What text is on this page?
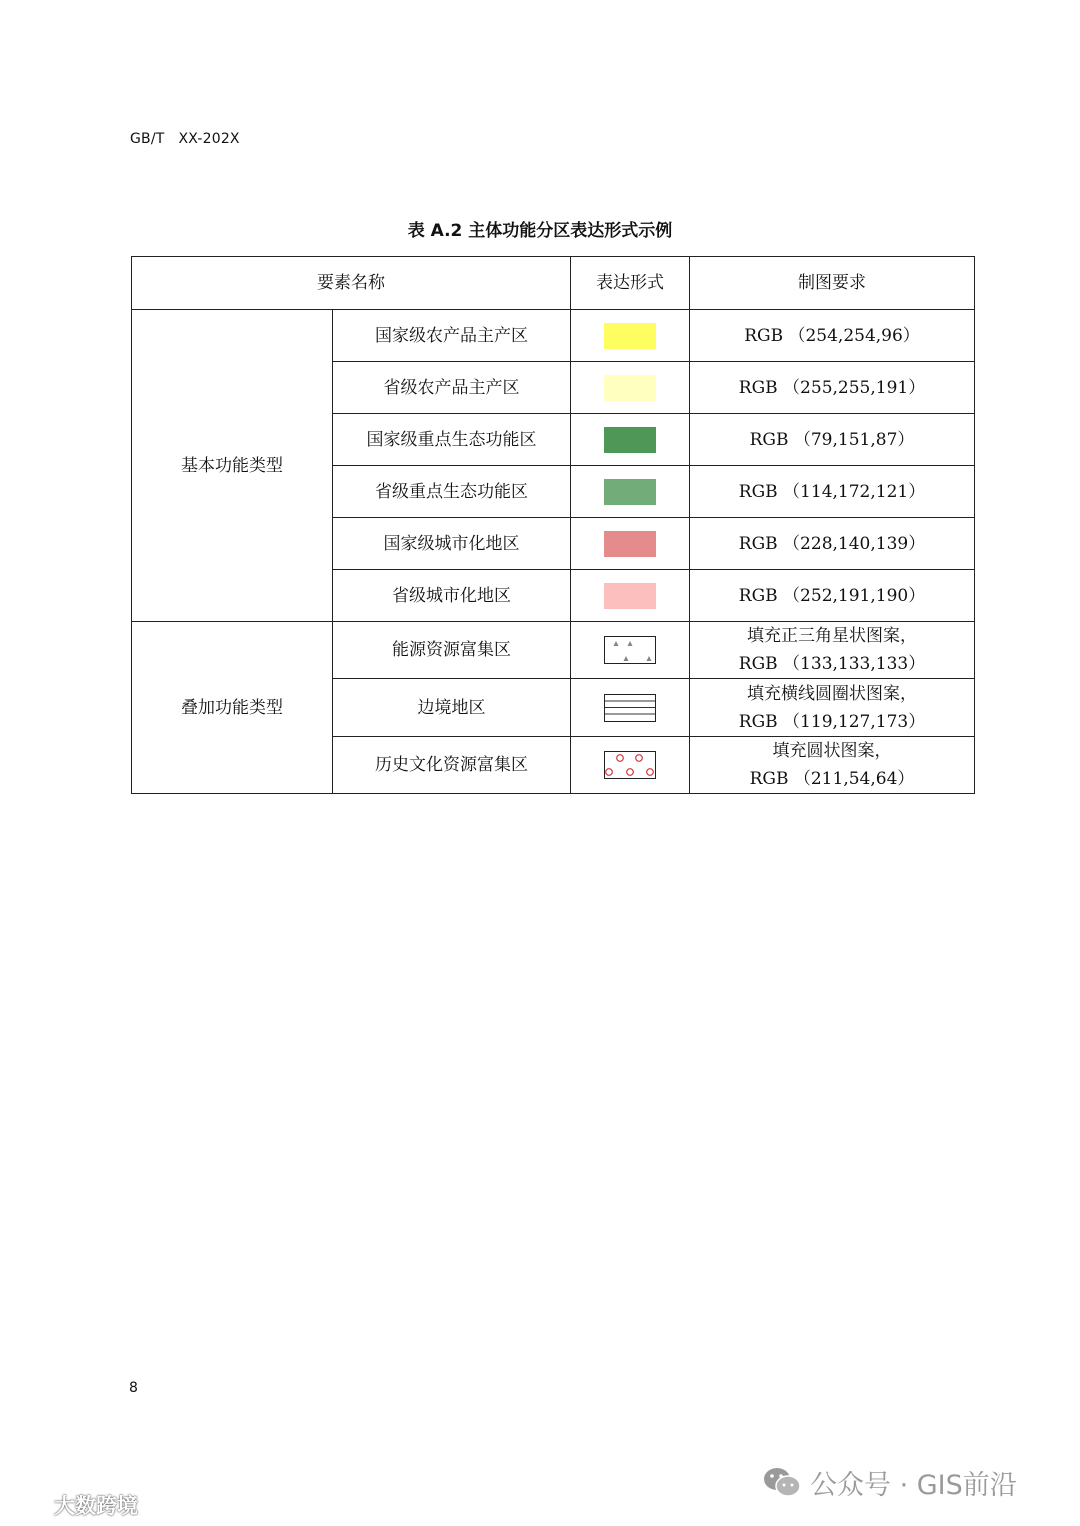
GB/T   XX-202X
表 A.2 主体功能分区表达形式示例
要素名称		表达形式	制图要求
基本功能类型	国家级农产品主产区		RGB （254,254,96）
	省级农产品主产区		RGB （255,255,191）
	国家级重点生态功能区		RGB （79,151,87）
	省级重点生态功能区		RGB （114,172,121）
	国家级城市化地区		RGB （228,140,139）
	省级城市化地区		RGB （252,191,190）
叠加功能类型	能源资源富集区		填充正三角星状图案，
RGB （133,133,133）

	边境地区		填充横线圆圈状图案，
RGB （119,127,173）

	历史文化资源富集区		填充圆状图案，
RGB （211,54,64）
8
公众号 · GIS前沿
大数跨境
